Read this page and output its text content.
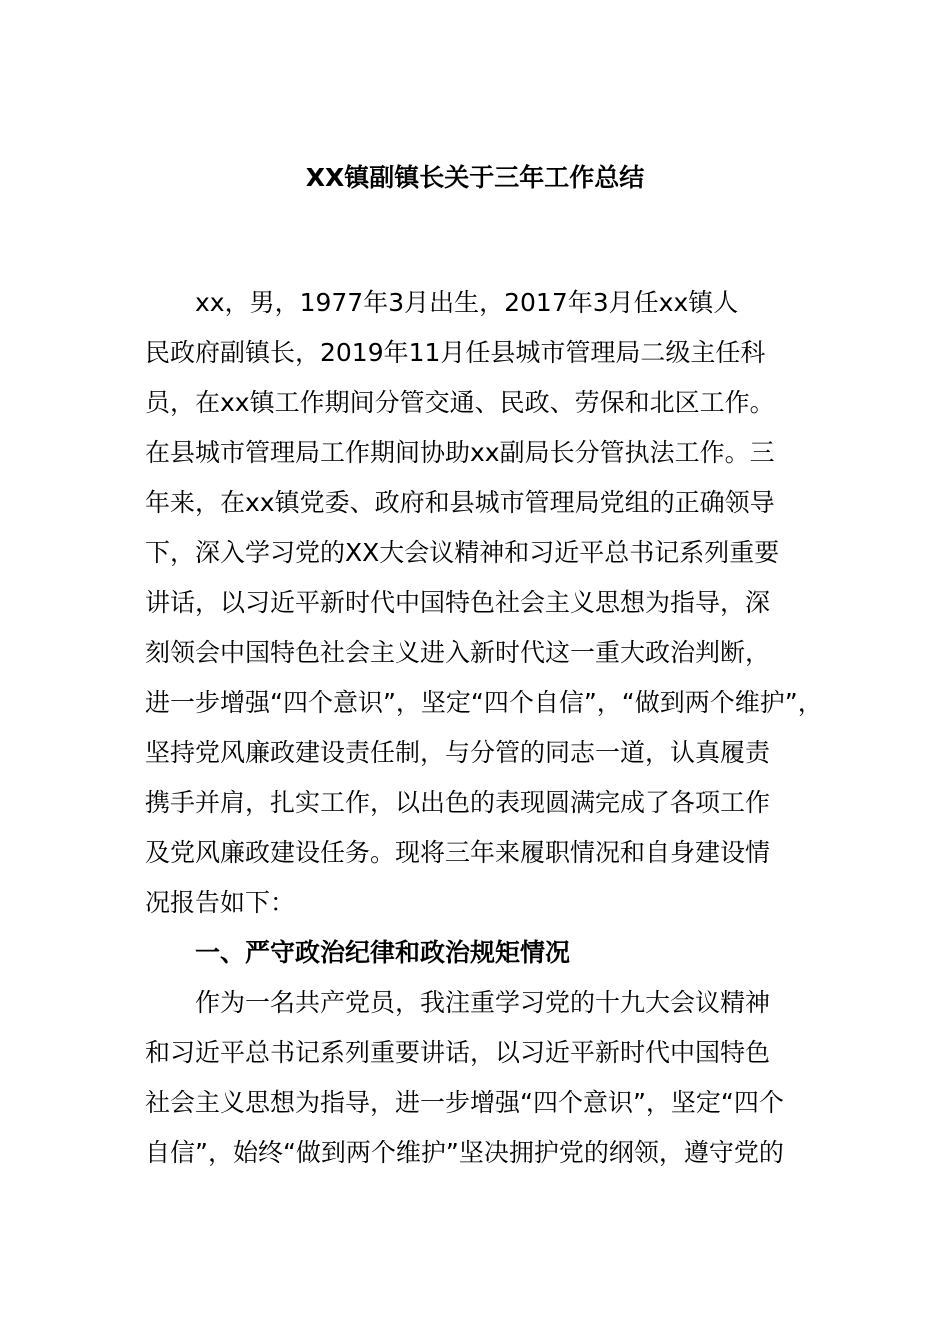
XX镇副镇长关于三年工作总结
xx，男，1977年3月出生，2017年3月任xx镇人
民政府副镇长，2019年11月任县城市管理局二级主任科
员，在xx镇工作期间分管交通、民政、劳保和北区工作。
在县城市管理局工作期间协助xx副局长分管执法工作。三
年来，在xx镇党委、政府和县城市管理局党组的正确领导
下，深入学习党的XX大会议精神和习近平总书记系列重要
讲话，以习近平新时代中国特色社会主义思想为指导，深
刻领会中国特色社会主义进入新时代这一重大政治判断，
进一步增强“四个意识”，坚定“四个自信”，“做到两个维护”，
坚持党风廉政建设责任制，与分管的同志一道，认真履责
携手并肩，扎实工作，以出色的表现圆满完成了各项工作
及党风廉政建设任务。现将三年来履职情况和自身建设情
况报告如下：
一、严守政治纪律和政治规矩情况
作为一名共产党员，我注重学习党的十九大会议精神
和习近平总书记系列重要讲话，以习近平新时代中国特色
社会主义思想为指导，进一步增强“四个意识”，坚定“四个
自信”，始终“做到两个维护”坚决拥护党的纲领，遵守党的
